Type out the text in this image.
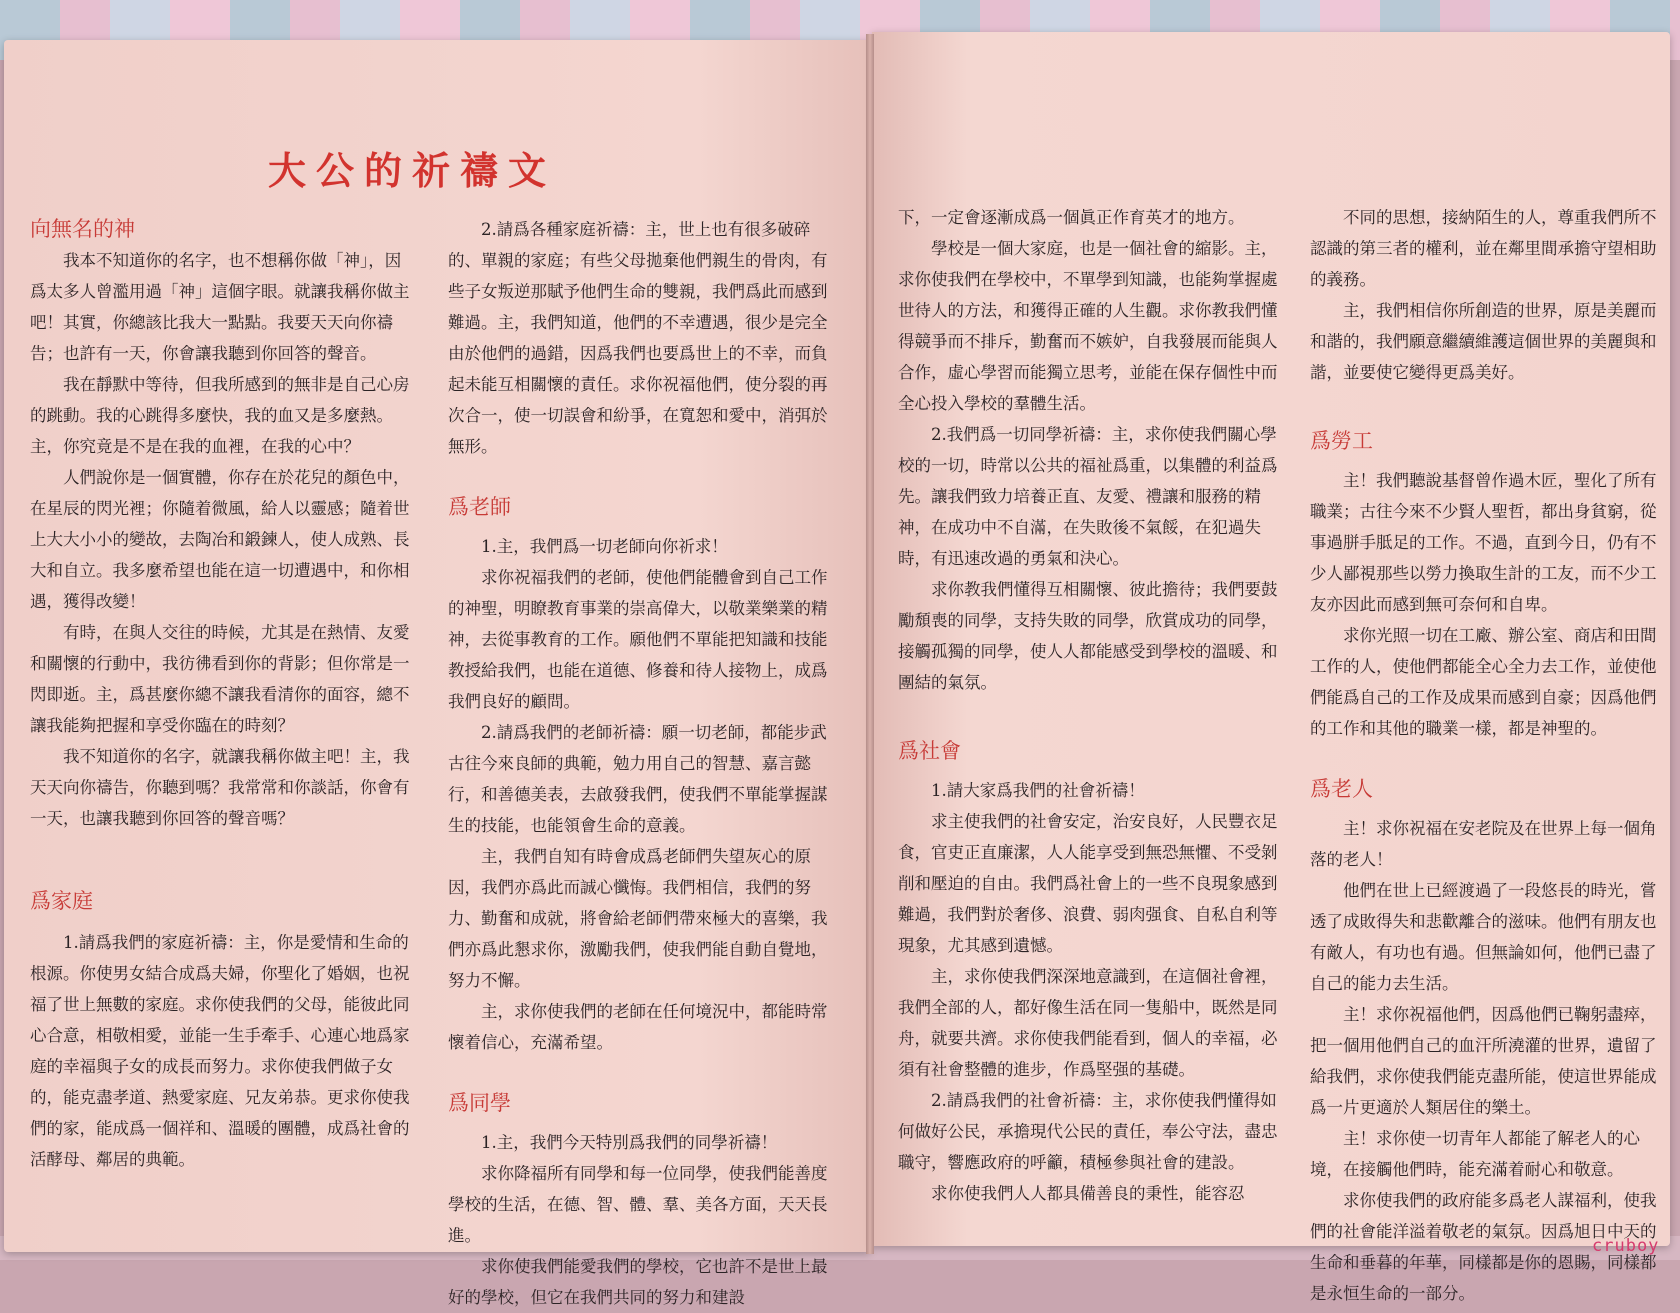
大公的祈禱文
向無名的神

我本不知道你的名字，也不想稱你做「神」，因爲太多人曾濫用過「神」這個字眼。就讓我稱你做主吧！其實，你總該比我大一點點。我要天天向你禱告；也許有一天，你會讓我聽到你回答的聲音。

我在靜默中等待，但我所感到的無非是自己心房的跳動。我的心跳得多麼快，我的血又是多麼熱。主，你究竟是不是在我的血裡，在我的心中？

人們說你是一個實體，你存在於花兒的顏色中，在星辰的閃光裡；你隨着微風，給人以靈感；隨着世上大大小小的變故，去陶冶和鍛鍊人，使人成熟、長大和自立。我多麼希望也能在這一切遭遇中，和你相遇，獲得改變！

有時，在與人交往的時候，尤其是在熱情、友愛和關懷的行動中，我彷彿看到你的背影；但你常是一閃即逝。主，爲甚麼你總不讓我看清你的面容，總不讓我能夠把握和享受你臨在的時刻？

我不知道你的名字，就讓我稱你做主吧！主，我天天向你禱告，你聽到嗎？我常常和你談話，你會有一天，也讓我聽到你回答的聲音嗎？

爲家庭

1.請爲我們的家庭祈禱：主，你是愛情和生命的根源。你使男女結合成爲夫婦，你聖化了婚姻，也祝福了世上無數的家庭。求你使我們的父母，能彼此同心合意，相敬相愛，並能一生手牽手、心連心地爲家庭的幸福與子女的成長而努力。求你使我們做子女的，能克盡孝道、熱愛家庭、兄友弟恭。更求你使我們的家，能成爲一個祥和、溫暖的團體，成爲社會的活酵母、鄰居的典範。

2.請爲各種家庭祈禱：主，世上也有很多破碎的、單親的家庭；有些父母拋棄他們親生的骨肉，有些子女叛逆那賦予他們生命的雙親，我們爲此而感到難過。主，我們知道，他們的不幸遭遇，很少是完全由於他們的過錯，因爲我們也要爲世上的不幸，而負起未能互相關懷的責任。求你祝福他們，使分裂的再次合一，使一切誤會和紛爭，在寬恕和愛中，消弭於無形。

爲老師

1.主，我們爲一切老師向你祈求！

求你祝福我們的老師，使他們能體會到自己工作的神聖，明瞭教育事業的崇高偉大，以敬業樂業的精神，去從事教育的工作。願他們不單能把知識和技能教授給我們，也能在道德、修養和待人接物上，成爲我們良好的顧問。

2.請爲我們的老師祈禱：願一切老師，都能步武古往今來良師的典範，勉力用自己的智慧、嘉言懿行，和善德美表，去啟發我們，使我們不單能掌握謀生的技能，也能領會生命的意義。

主，我們自知有時會成爲老師們失望灰心的原因，我們亦爲此而誠心懺悔。我們相信，我們的努力、勤奮和成就，將會給老師們帶來極大的喜樂，我們亦爲此懇求你，激勵我們，使我們能自動自覺地，努力不懈。

主，求你使我們的老師在任何境況中，都能時常懷着信心，充滿希望。

爲同學

1.主，我們今天特別爲我們的同學祈禱！

求你降福所有同學和每一位同學，使我們能善度學校的生活，在德、智、體、羣、美各方面，天天長進。

求你使我們能愛我們的學校，它也許不是世上最好的學校，但它在我們共同的努力和建設

下，一定會逐漸成爲一個眞正作育英才的地方。

學校是一個大家庭，也是一個社會的縮影。主，求你使我們在學校中，不單學到知識，也能夠掌握處世待人的方法，和獲得正確的人生觀。求你教我們懂得競爭而不排斥，勤奮而不嫉妒，自我發展而能與人合作，虛心學習而能獨立思考，並能在保存個性中而全心投入學校的羣體生活。

2.我們爲一切同學祈禱：主，求你使我們關心學校的一切，時常以公共的福祉爲重，以集體的利益爲先。讓我們致力培養正直、友愛、禮讓和服務的精神，在成功中不自滿，在失敗後不氣餒，在犯過失時，有迅速改過的勇氣和決心。

求你教我們懂得互相關懷、彼此擔待；我們要鼓勵頹喪的同學，支持失敗的同學，欣賞成功的同學，接觸孤獨的同學，使人人都能感受到學校的溫暖、和團結的氣氛。

爲社會

1.請大家爲我們的社會祈禱！

求主使我們的社會安定，治安良好，人民豐衣足食，官吏正直廉潔，人人能享受到無恐無懼、不受剝削和壓迫的自由。我們爲社會上的一些不良現象感到難過，我們對於奢侈、浪費、弱肉强食、自私自利等現象，尤其感到遺憾。

主，求你使我們深深地意識到，在這個社會裡，我們全部的人，都好像生活在同一隻船中，既然是同舟，就要共濟。求你使我們能看到，個人的幸福，必須有社會整體的進步，作爲堅强的基礎。

2.請爲我們的社會祈禱：主，求你使我們懂得如何做好公民，承擔現代公民的責任，奉公守法，盡忠職守，響應政府的呼籲，積極參與社會的建設。

求你使我們人人都具備善良的秉性，能容忍

不同的思想，接納陌生的人，尊重我們所不認識的第三者的權利，並在鄰里間承擔守望相助的義務。

主，我們相信你所創造的世界，原是美麗而和諧的，我們願意繼續維護這個世界的美麗與和諧，並要使它變得更爲美好。

爲勞工

主！我們聽說基督曾作過木匠，聖化了所有職業；古往今來不少賢人聖哲，都出身貧窮，從事過胼手胝足的工作。不過，直到今日，仍有不少人鄙視那些以勞力換取生計的工友，而不少工友亦因此而感到無可奈何和自卑。

求你光照一切在工廠、辦公室、商店和田間工作的人，使他們都能全心全力去工作，並使他們能爲自己的工作及成果而感到自豪；因爲他們的工作和其他的職業一樣，都是神聖的。

爲老人

主！求你祝福在安老院及在世界上每一個角落的老人！

他們在世上已經渡過了一段悠長的時光，嘗透了成敗得失和悲歡離合的滋味。他們有朋友也有敵人，有功也有過。但無論如何，他們已盡了自己的能力去生活。

主！求你祝福他們，因爲他們已鞠躬盡瘁，把一個用他們自己的血汗所澆灌的世界，遺留了給我們，求你使我們能克盡所能，使這世界能成爲一片更適於人類居住的樂土。

主！求你使一切青年人都能了解老人的心境，在接觸他們時，能充滿着耐心和敬意。

求你使我們的政府能多爲老人謀福利，使我們的社會能洋溢着敬老的氣氛。因爲旭日中天的生命和垂暮的年華，同樣都是你的恩賜，同樣都是永恒生命的一部分。

cruboy
